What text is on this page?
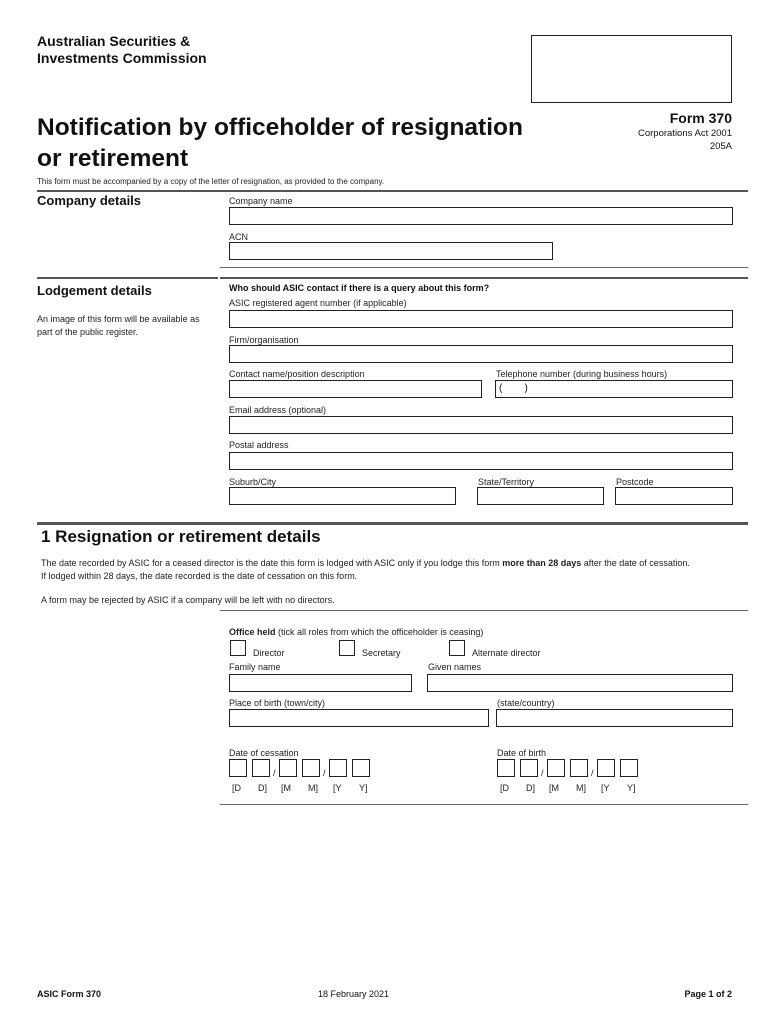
Australian Securities &
Investments Commission
Notification by officeholder of resignation
or retirement
Form 370
Corporations Act 2001
205A
This form must be accompanied by a copy of the letter of resignation, as provided to the company.
Company details	Company name
ACN
Lodgement details
An image of this form will be available as part of the public register.
Who should ASIC contact if there is a query about this form?
ASIC registered agent number (if applicable)
Firm/organisation
Contact name/position description	Telephone number (during business hours)
(        )
Email address (optional)
Postal address
Suburb/City	State/Territory	Postcode
1 Resignation or retirement details
The date recorded by ASIC for a ceased director is the date this form is lodged with ASIC only if you lodge this form more than 28 days after the date of cessation.
If lodged within 28 days, the date recorded is the date of cessation on this form.
A form may be rejected by ASIC if a company will be left with no directors.
Office held (tick all roles from which the officeholder is ceasing)
Director	Secretary	Alternate director
Family name	Given names
Place of birth (town/city)	(state/country)
Date of cessation
/	/
[D D] [M M] [Y Y]
Date of birth
/	/
[D D] [M M] [Y Y]
ASIC Form 370	18 February 2021	Page 1 of 2
